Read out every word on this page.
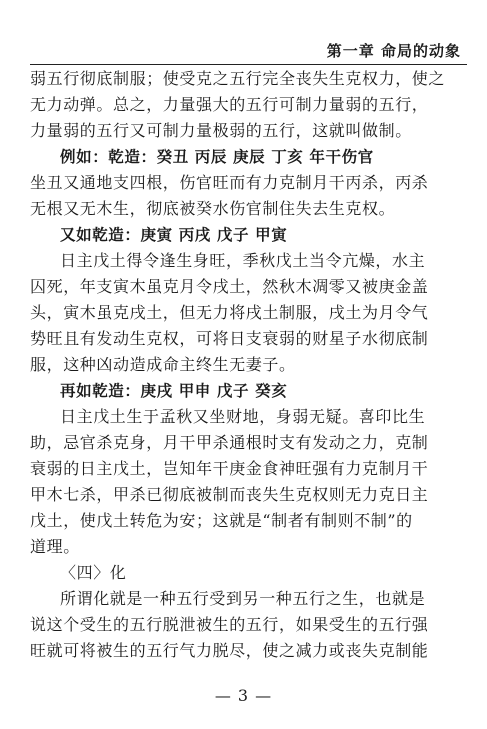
第一章 命局的动象
弱五行彻底制服；使受克之五行完全丧失生克权力，使之
无力动弹。总之，力量强大的五行可制力量弱的五行，
力量弱的五行又可制力量极弱的五行，这就叫做制。
例如：乾造：癸丑 丙辰 庚辰 丁亥 年干伤官
坐丑又通地支四根，伤官旺而有力克制月干丙杀，丙杀
无根又无木生，彻底被癸水伤官制住失去生克权。
又如乾造：庚寅 丙戌 戊子 甲寅
日主戊土得令逢生身旺，季秋戊土当令亢燥，水主
囚死，年支寅木虽克月令戌土，然秋木凋零又被庚金盖
头，寅木虽克戌土，但无力将戌土制服，戌土为月令气
势旺且有发动生克权，可将日支衰弱的财星子水彻底制
服，这种凶动造成命主终生无妻子。
再如乾造：庚戌 甲申 戊子 癸亥
日主戊土生于孟秋又坐财地，身弱无疑。喜印比生
助，忌官杀克身，月干甲杀通根时支有发动之力，克制
衰弱的日主戊土，岂知年干庚金食神旺强有力克制月干
甲木七杀，甲杀已彻底被制而丧失生克权则无力克日主
戊土，使戊土转危为安；这就是“制者有制则不制”的
道理。
〈四〉化
所谓化就是一种五行受到另一种五行之生，也就是
说这个受生的五行脱泄被生的五行，如果受生的五行强
旺就可将被生的五行气力脱尽，使之减力或丧失克制能
— 3 —
